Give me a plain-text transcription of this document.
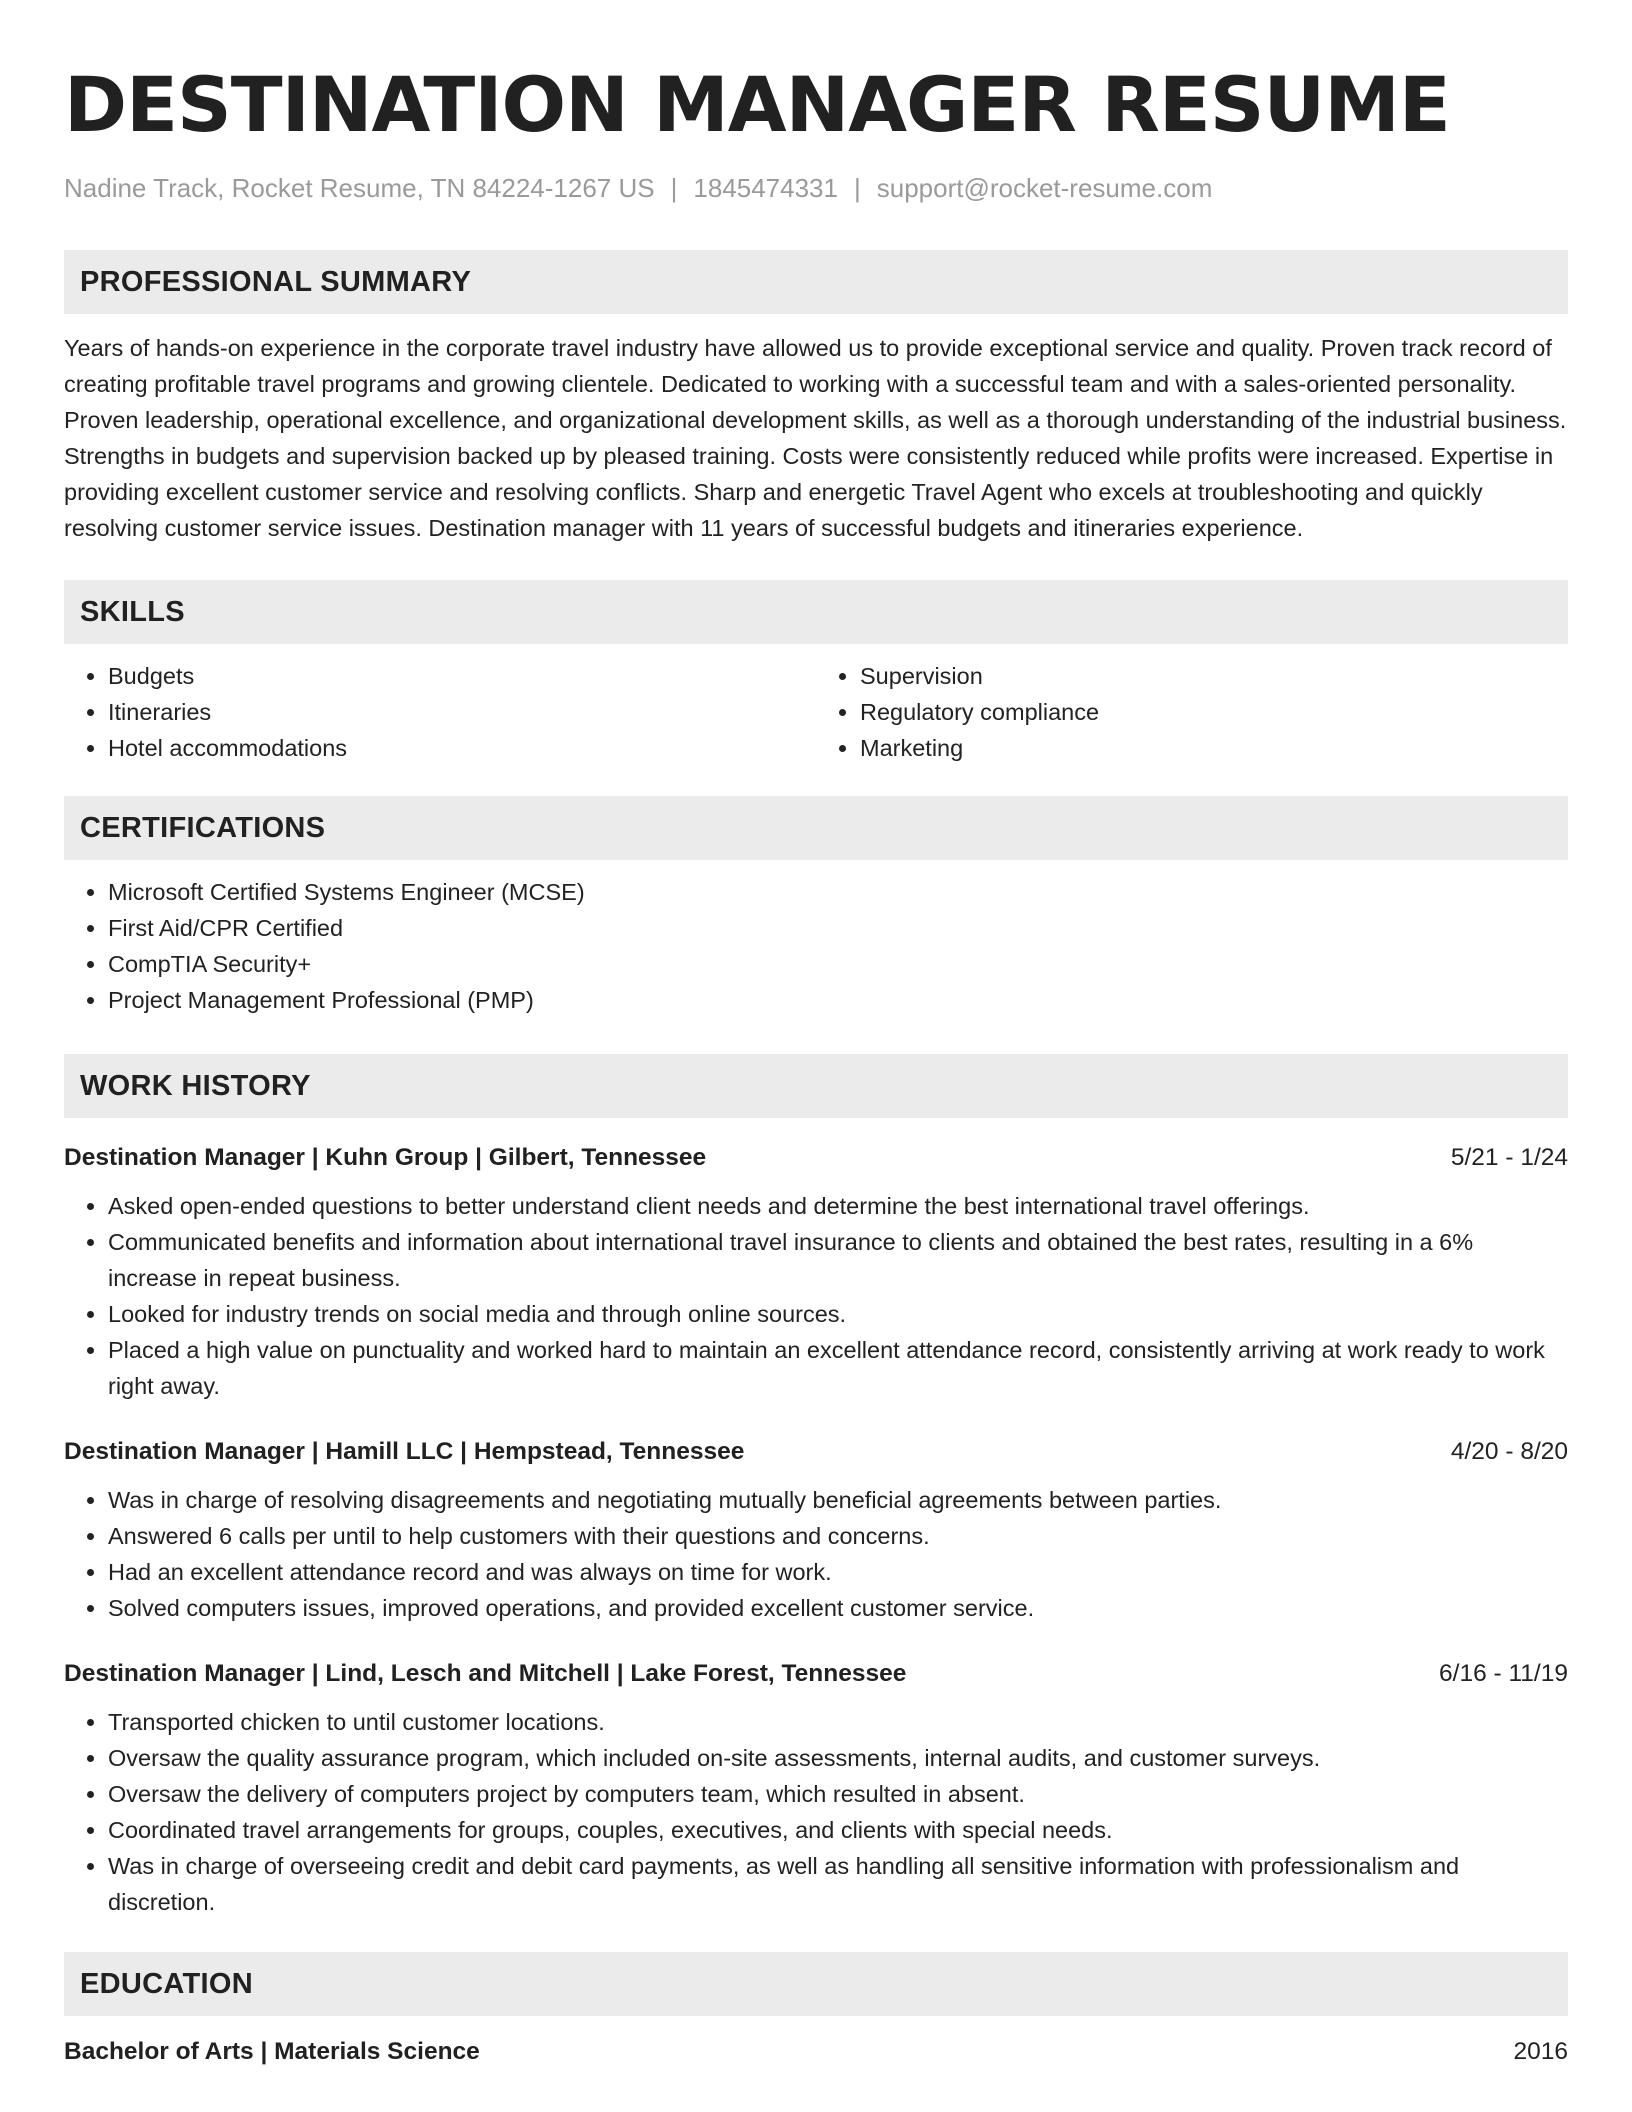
DESTINATION MANAGER RESUME
Nadine Track, Rocket Resume, TN 84224-1267 US | 1845474331 | support@rocket-resume.com
PROFESSIONAL SUMMARY

Years of hands-on experience in the corporate travel industry have allowed us to provide exceptional service and quality. Proven track record of creating profitable travel programs and growing clientele. Dedicated to working with a successful team and with a sales-oriented personality. Proven leadership, operational excellence, and organizational development skills, as well as a thorough understanding of the industrial business. Strengths in budgets and supervision backed up by pleased training. Costs were consistently reduced while profits were increased. Expertise in providing excellent customer service and resolving conflicts. Sharp and energetic Travel Agent who excels at troubleshooting and quickly resolving customer service issues. Destination manager with 11 years of successful budgets and itineraries experience.

SKILLS
• Budgets
• Itineraries
• Hotel accommodations
• Supervision
• Regulatory compliance
• Marketing
CERTIFICATIONS
• Microsoft Certified Systems Engineer (MCSE)
• First Aid/CPR Certified
• CompTIA Security+
• Project Management Professional (PMP)
WORK HISTORY
Destination Manager | Kuhn Group | Gilbert, Tennessee	5/21 - 1/24
• Asked open-ended questions to better understand client needs and determine the best international travel offerings.
• Communicated benefits and information about international travel insurance to clients and obtained the best rates, resulting in a 6% increase in repeat business.
• Looked for industry trends on social media and through online sources.
• Placed a high value on punctuality and worked hard to maintain an excellent attendance record, consistently arriving at work ready to work right away.
Destination Manager | Hamill LLC | Hempstead, Tennessee	4/20 - 8/20
• Was in charge of resolving disagreements and negotiating mutually beneficial agreements between parties.
• Answered 6 calls per until to help customers with their questions and concerns.
• Had an excellent attendance record and was always on time for work.
• Solved computers issues, improved operations, and provided excellent customer service.
Destination Manager | Lind, Lesch and Mitchell | Lake Forest, Tennessee	6/16 - 11/19
• Transported chicken to until customer locations.
• Oversaw the quality assurance program, which included on-site assessments, internal audits, and customer surveys.
• Oversaw the delivery of computers project by computers team, which resulted in absent.
• Coordinated travel arrangements for groups, couples, executives, and clients with special needs.
• Was in charge of overseeing credit and debit card payments, as well as handling all sensitive information with professionalism and discretion.
EDUCATION
Bachelor of Arts | Materials Science	2016
